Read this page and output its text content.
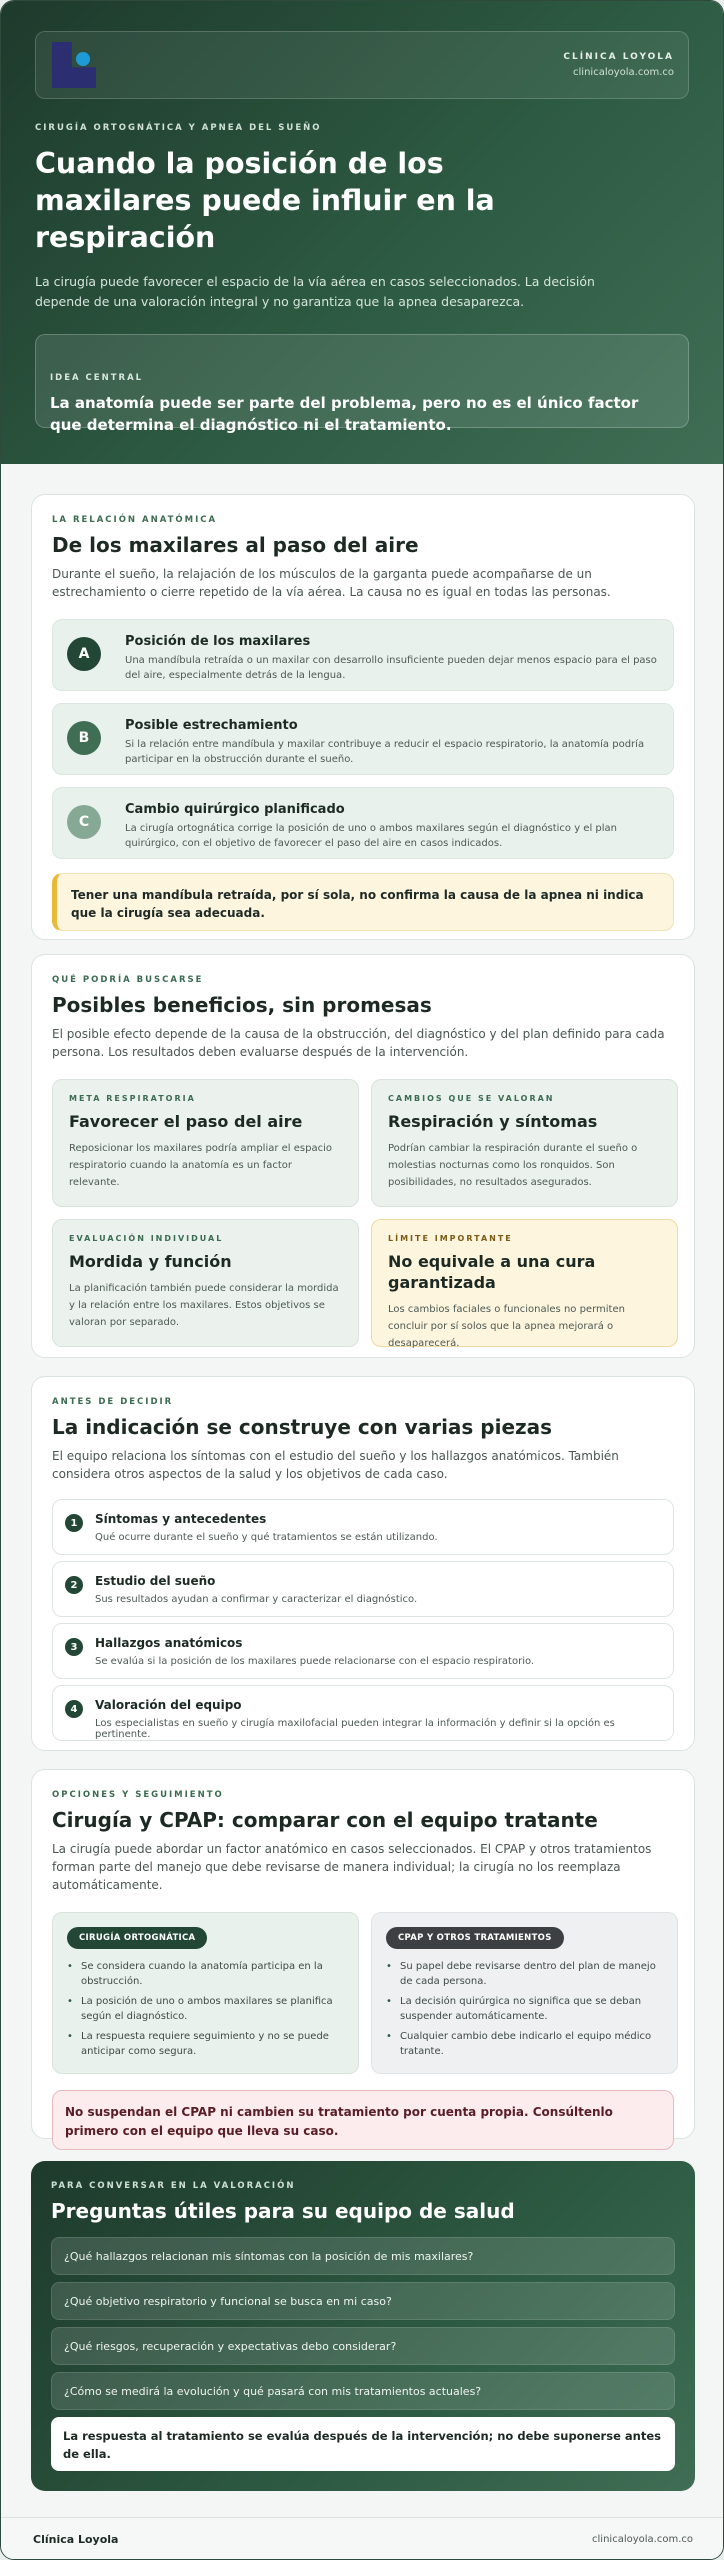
CLÍNICA LOYOLA
clinicaloyola.com.co
CIRUGÍA ORTOGNÁTICA Y APNEA DEL SUEÑO
Cuando la posición de los maxilares puede influir en la respiración

La cirugía puede favorecer el espacio de la vía aérea en casos seleccionados. La decisión depende de una valoración integral y no garantiza que la apnea desaparezca.

IDEA CENTRAL
La anatomía puede ser parte del problema, pero no es el único factor que determina el diagnóstico ni el tratamiento.
LA RELACIÓN ANATÓMICA
De los maxilares al paso del aire

Durante el sueño, la relajación de los músculos de la garganta puede acompañarse de un estrechamiento o cierre repetido de la vía aérea. La causa no es igual en todas las personas.

A
Posición de los maxilares
Una mandíbula retraída o un maxilar con desarrollo insuficiente pueden dejar menos espacio para el paso del aire, especialmente detrás de la lengua.
B
Posible estrechamiento
Si la relación entre mandíbula y maxilar contribuye a reducir el espacio respiratorio, la anatomía podría participar en la obstrucción durante el sueño.
C
Cambio quirúrgico planificado
La cirugía ortognática corrige la posición de uno o ambos maxilares según el diagnóstico y el plan quirúrgico, con el objetivo de favorecer el paso del aire en casos indicados.
Tener una mandíbula retraída, por sí sola, no confirma la causa de la apnea ni indica que la cirugía sea adecuada.
QUÉ PODRÍA BUSCARSE
Posibles beneficios, sin promesas

El posible efecto depende de la causa de la obstrucción, del diagnóstico y del plan definido para cada persona. Los resultados deben evaluarse después de la intervención.

META RESPIRATORIA
Favorecer el paso del aire
Reposicionar los maxilares podría ampliar el espacio respiratorio cuando la anatomía es un factor relevante.
CAMBIOS QUE SE VALORAN
Respiración y síntomas
Podrían cambiar la respiración durante el sueño o molestias nocturnas como los ronquidos. Son posibilidades, no resultados asegurados.
EVALUACIÓN INDIVIDUAL
Mordida y función
La planificación también puede considerar la mordida y la relación entre los maxilares. Estos objetivos se valoran por separado.
LÍMITE IMPORTANTE
No equivale a una cura garantizada
Los cambios faciales o funcionales no permiten concluir por sí solos que la apnea mejorará o desaparecerá.
ANTES DE DECIDIR
La indicación se construye con varias piezas

El equipo relaciona los síntomas con el estudio del sueño y los hallazgos anatómicos. También considera otros aspectos de la salud y los objetivos de cada caso.

1	Síntomas y antecedentes
Qué ocurre durante el sueño y qué tratamientos se están utilizando.
2	Estudio del sueño
Sus resultados ayudan a confirmar y caracterizar el diagnóstico.
3	Hallazgos anatómicos
Se evalúa si la posición de los maxilares puede relacionarse con el espacio respiratorio.
4	Valoración del equipo
Los especialistas en sueño y cirugía maxilofacial pueden integrar la información y definir si la opción es pertinente.
OPCIONES Y SEGUIMIENTO
Cirugía y CPAP: comparar con el equipo tratante

La cirugía puede abordar un factor anatómico en casos seleccionados. El CPAP y otros tratamientos forman parte del manejo que debe revisarse de manera individual; la cirugía no los reemplaza automáticamente.

CIRUGÍA ORTOGNÁTICA
• Se considera cuando la anatomía participa en la obstrucción.
• La posición de uno o ambos maxilares se planifica según el diagnóstico.
• La respuesta requiere seguimiento y no se puede anticipar como segura.
CPAP Y OTROS TRATAMIENTOS
• Su papel debe revisarse dentro del plan de manejo de cada persona.
• La decisión quirúrgica no significa que se deban suspender automáticamente.
• Cualquier cambio debe indicarlo el equipo médico tratante.
No suspendan el CPAP ni cambien su tratamiento por cuenta propia. Consúltenlo primero con el equipo que lleva su caso.
PARA CONVERSAR EN LA VALORACIÓN
Preguntas útiles para su equipo de salud
¿Qué hallazgos relacionan mis síntomas con la posición de mis maxilares?
¿Qué objetivo respiratorio y funcional se busca en mi caso?
¿Qué riesgos, recuperación y expectativas debo considerar?
¿Cómo se medirá la evolución y qué pasará con mis tratamientos actuales?
La respuesta al tratamiento se evalúa después de la intervención; no debe suponerse antes de ella.
Clínica Loyola	clinicaloyola.com.co
